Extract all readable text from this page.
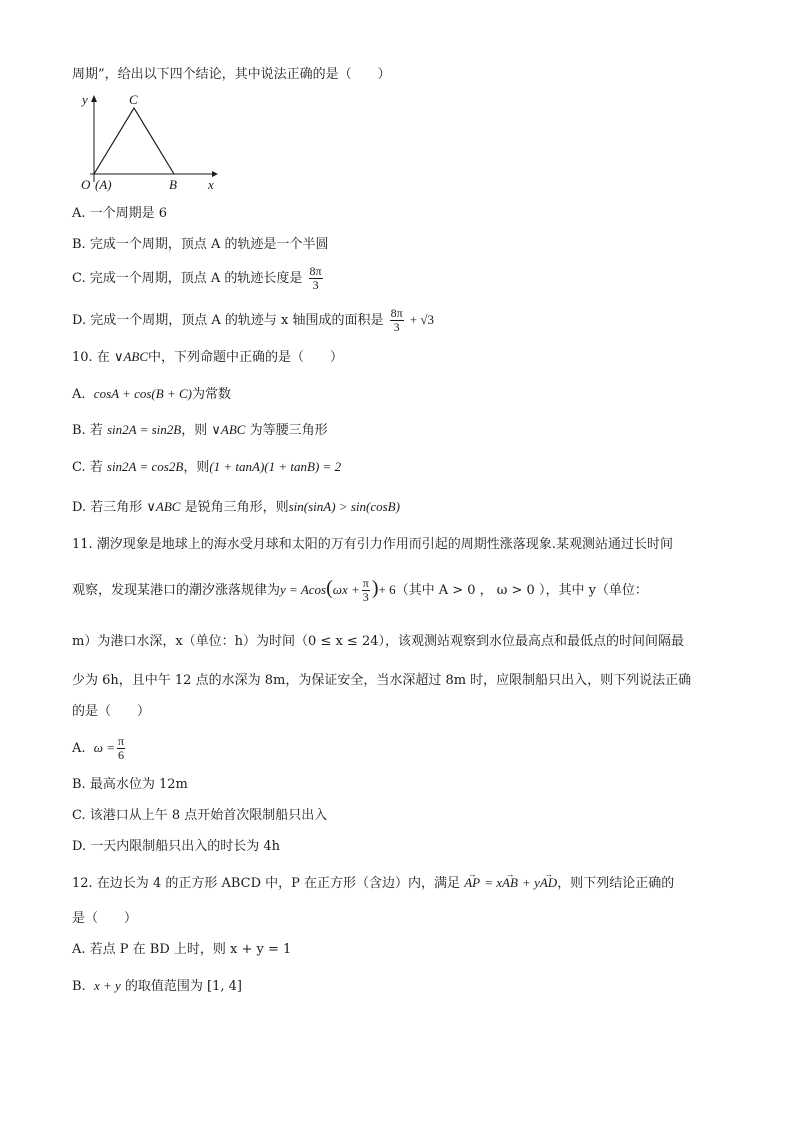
周期”，给出以下四个结论，其中说法正确的是（　　）
y
x
C
O (A)	B
A. 一个周期是 6
B. 完成一个周期，顶点 A 的轨迹是一个半圆
C. 完成一个周期，顶点 A 的轨迹长度是 $\frac{8\pi}{3}$
D. 完成一个周期，顶点 A 的轨迹与 x 轴围成的面积是 $\frac{8\pi}{3} + √3$
10. 在 ∨ABC中，下列命题中正确的是（　　）
A. cosA + cos(B + C)为常数
B. 若 sin2A = sin2B，则 ∨ABC 为等腰三角形
C. 若 sin2A = cos2B，则(1 + tanA)(1 + tanB) = 2
D. 若三角形 ∨ABC 是锐角三角形，则sin(sinA) > sin(cosB)
11. 潮汐现象是地球上的海水受月球和太阳的万有引力作用而引起的周期性涨落现象.某观测站通过长时间
观察，发现某港口的潮汐涨落规律为$y = Acos(\omega x + \frac{\pi}{3}$ )+ 6（其中 A > 0 ， ω > 0 ），其中 y（单位：
m）为港口水深，x（单位：h）为时间（0 ≤ x ≤ 24），该观测站观察到水位最高点和最低点的时间间隔最
少为 6h，且中午 12 点的水深为 8m，为保证安全，当水深超过 8m 时，应限制船只出入，则下列说法正确
的是（　　）
A. $\omega = \frac{\pi}{6}$
B. 最高水位为 12m
C. 该港口从上午 8 点开始首次限制船只出入
D. 一天内限制船只出入的时长为 4h
12. 在边长为 4 的正方形 ABCD 中，P 在正方形（含边）内，满足 → AP = x→ AB + y→ AD，则下列结论正确的
是（　　）
A. 若点 P 在 BD 上时，则 x + y = 1
B. x + y 的取值范围为 [1, 4]
